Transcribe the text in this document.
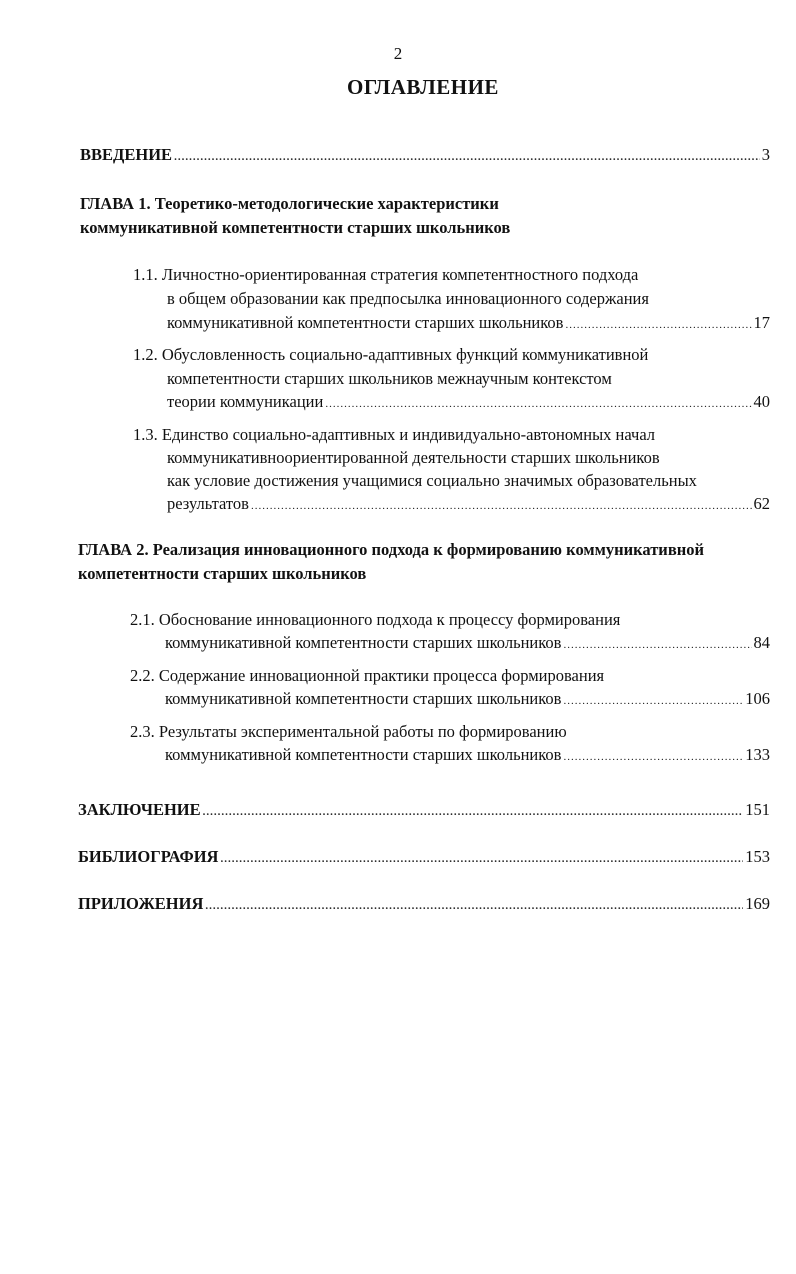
2
ОГЛАВЛЕНИЕ
ВВЕДЕНИЕ .....	3
ГЛАВА 1. Теоретико-методологические характеристики
коммуникативной компетентности старших школьников
1.1. Личностно-ориентированная стратегия компетентностного подхода
в общем образовании как предпосылка инновационного содержания
коммуникативной компетентности старших школьников .....	17
1.2. Обусловленность социально-адаптивных функций коммуникативной
компетентности старших школьников межнаучным контекстом
теории коммуникации .....	40
1.3. Единство социально-адаптивных и индивидуально-автономных начал
коммуникативноориентированной деятельности старших школьников
как условие достижения учащимися социально значимых образовательных
результатов .....	62
ГЛАВА 2. Реализация инновационного подхода к формированию коммуникативной
компетентности старших школьников
2.1. Обоснование инновационного подхода к процессу формирования
коммуникативной компетентности старших школьников .....	84
2.2. Содержание инновационной практики процесса формирования
коммуникативной компетентности старших школьников .....	106
2.3. Результаты экспериментальной работы по формированию
коммуникативной компетентности старших школьников .....	133
ЗАКЛЮЧЕНИЕ .....	151
БИБЛИОГРАФИЯ .....	153
ПРИЛОЖЕНИЯ .....	169
